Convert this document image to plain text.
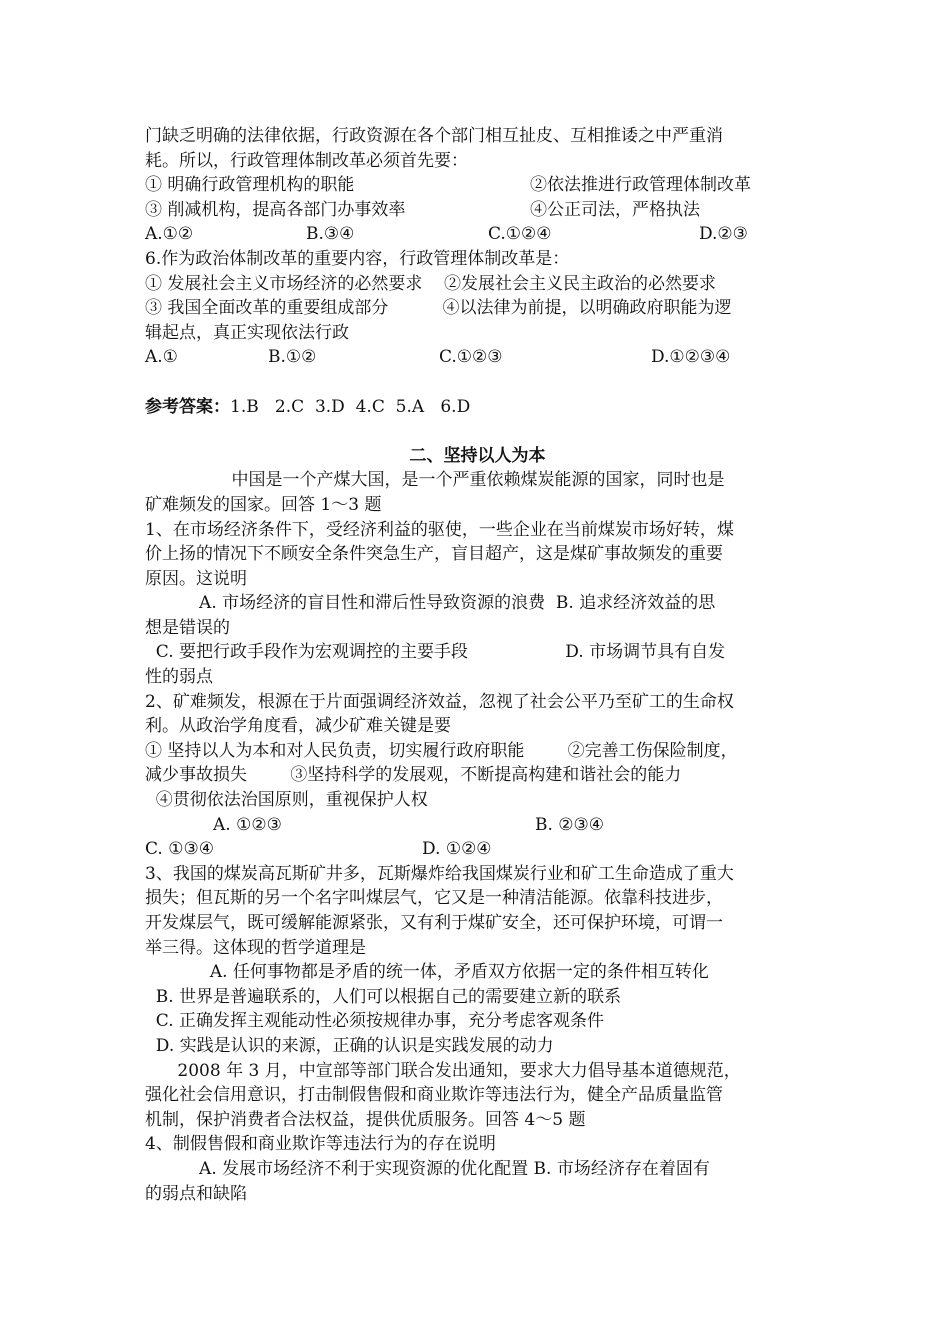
门缺乏明确的法律依据，行政资源在各个部门相互扯皮、互相推诿之中严重消
耗。所以，行政管理体制改革必须首先要：

① 明确行政管理机构的职能

	②依法推进行政管理体制改革

③ 削减机构，提高各部门办事效率

	④公正司法，严格执法

A.①②

	B.③④

	C.①②④

	D.②③

6.作为政治体制改革的重要内容，行政管理体制改革是：
① 发展社会主义市场经济的必然要求    ②发展社会主义民主政治的必然要求
③ 我国全面改革的重要组成部分          ④以法律为前提，以明确政府职能为逻
辑起点，真正实现依法行政

A.①

	B.①②

	C.①②③

	D.①②③④

参考答案：1.B   2.C  3.D  4.C  5.A   6.D
二、坚持以人为本
中国是一个产煤大国，是一个严重依赖煤炭能源的国家，同时也是
矿难频发的国家。回答 1～3 题
1、在市场经济条件下，受经济利益的驱使，一些企业在当前煤炭市场好转，煤
价上扬的情况下不顾安全条件突急生产，盲目超产，这是煤矿事故频发的重要
原因。这说明
A. 市场经济的盲目性和滞后性导致资源的浪费  B. 追求经济效益的思
想是错误的
C. 要把行政手段作为宏观调控的主要手段                  D. 市场调节具有自发
性的弱点
2、矿难频发，根源在于片面强调经济效益，忽视了社会公平乃至矿工的生命权
利。从政治学角度看，减少矿难关键是要
① 坚持以人为本和对人民负责，切实履行政府职能        ②完善工伤保险制度，
减少事故损失        ③坚持科学的发展观，不断提高构建和谐社会的能力
④贯彻依法治国原则，重视保护人权

A. ①②③

	B. ②③④

C. ①③④

	D. ①②④

3、我国的煤炭高瓦斯矿井多，瓦斯爆炸给我国煤炭行业和矿工生命造成了重大
损失；但瓦斯的另一个名字叫煤层气，它又是一种清洁能源。依靠科技进步，
开发煤层气，既可缓解能源紧张，又有利于煤矿安全，还可保护环境，可谓一
举三得。这体现的哲学道理是
A. 任何事物都是矛盾的统一体，矛盾双方依据一定的条件相互转化
B. 世界是普遍联系的，人们可以根据自己的需要建立新的联系
C. 正确发挥主观能动性必须按规律办事，充分考虑客观条件
D. 实践是认识的来源，正确的认识是实践发展的动力
2008 年 3 月，中宣部等部门联合发出通知，要求大力倡导基本道德规范，
强化社会信用意识，打击制假售假和商业欺诈等违法行为，健全产品质量监管
机制，保护消费者合法权益，提供优质服务。回答 4～5 题
4、制假售假和商业欺诈等违法行为的存在说明
A. 发展市场经济不利于实现资源的优化配置 B. 市场经济存在着固有
的弱点和缺陷
